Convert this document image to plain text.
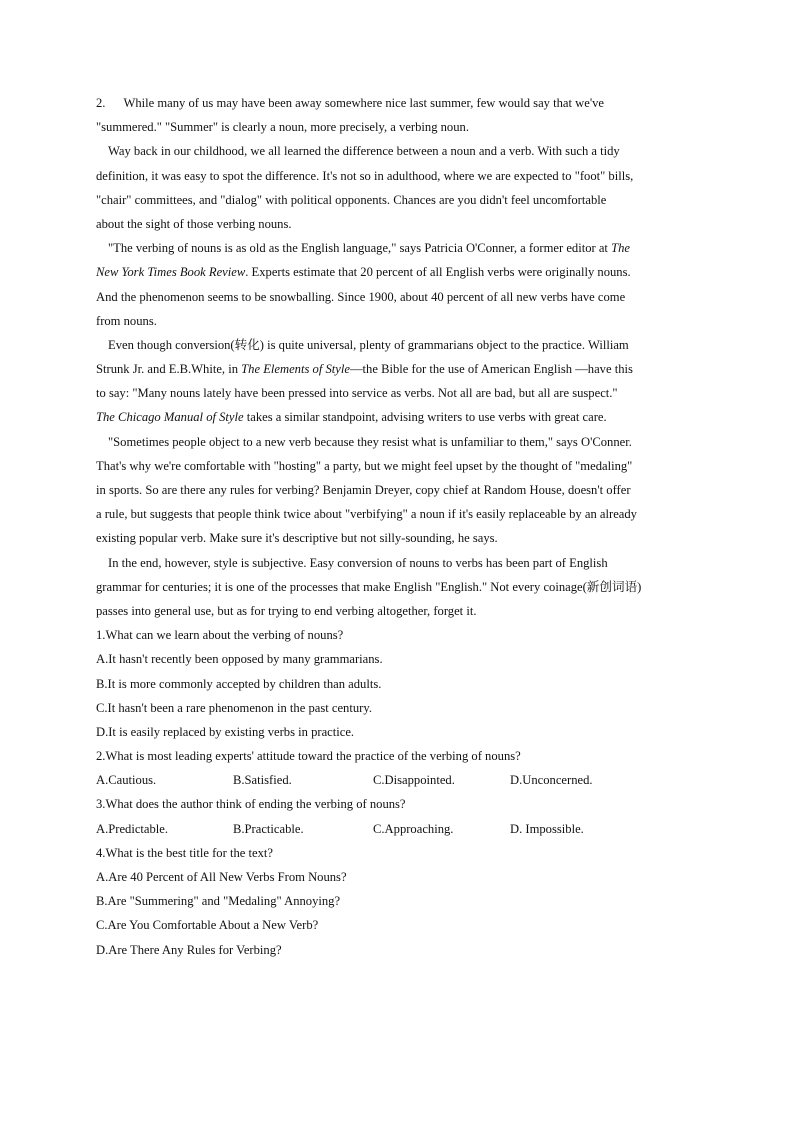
2. While many of us may have been away somewhere nice last summer, few would say that we've
"summered." "Summer" is clearly a noun, more precisely, a verbing noun.
Way back in our childhood, we all learned the difference between a noun and a verb. With such a tidy
definition, it was easy to spot the difference. It's not so in adulthood, where we are expected to "foot" bills,
"chair" committees, and "dialog" with political opponents. Chances are you didn't feel uncomfortable
about the sight of those verbing nouns.
"The verbing of nouns is as old as the English language," says Patricia O'Conner, a former editor at The
New York Times Book Review. Experts estimate that 20 percent of all English verbs were originally nouns.
And the phenomenon seems to be snowballing. Since 1900, about 40 percent of all new verbs have come
from nouns.
Even though conversion(转化) is quite universal, plenty of grammarians object to the practice. William
Strunk Jr. and E.B.White, in The Elements of Style—the Bible for the use of American English —have this
to say: "Many nouns lately have been pressed into service as verbs. Not all are bad, but all are suspect."
The Chicago Manual of Style takes a similar standpoint, advising writers to use verbs with great care.
"Sometimes people object to a new verb because they resist what is unfamiliar to them," says O'Conner.
That's why we're comfortable with "hosting" a party, but we might feel upset by the thought of "medaling"
in sports. So are there any rules for verbing? Benjamin Dreyer, copy chief at Random House, doesn't offer
a rule, but suggests that people think twice about "verbifying" a noun if it's easily replaceable by an already
existing popular verb. Make sure it's descriptive but not silly-sounding, he says.
In the end, however, style is subjective. Easy conversion of nouns to verbs has been part of English
grammar for centuries; it is one of the processes that make English "English." Not every coinage(新创词语)
passes into general use, but as for trying to end verbing altogether, forget it.
1.What can we learn about the verbing of nouns?
A.It hasn't recently been opposed by many grammarians.
B.It is more commonly accepted by children than adults.
C.It hasn't been a rare phenomenon in the past century.
D.It is easily replaced by existing verbs in practice.
2.What is most leading experts' attitude toward the practice of the verbing of nouns?
A.Cautious.	B.Satisfied.	C.Disappointed.	D.Unconcerned.
3.What does the author think of ending the verbing of nouns?
A.Predictable.	B.Practicable.	C.Approaching.	D. Impossible.
4.What is the best title for the text?
A.Are 40 Percent of All New Verbs From Nouns?
B.Are "Summering" and "Medaling" Annoying?
C.Are You Comfortable About a New Verb?
D.Are There Any Rules for Verbing?
